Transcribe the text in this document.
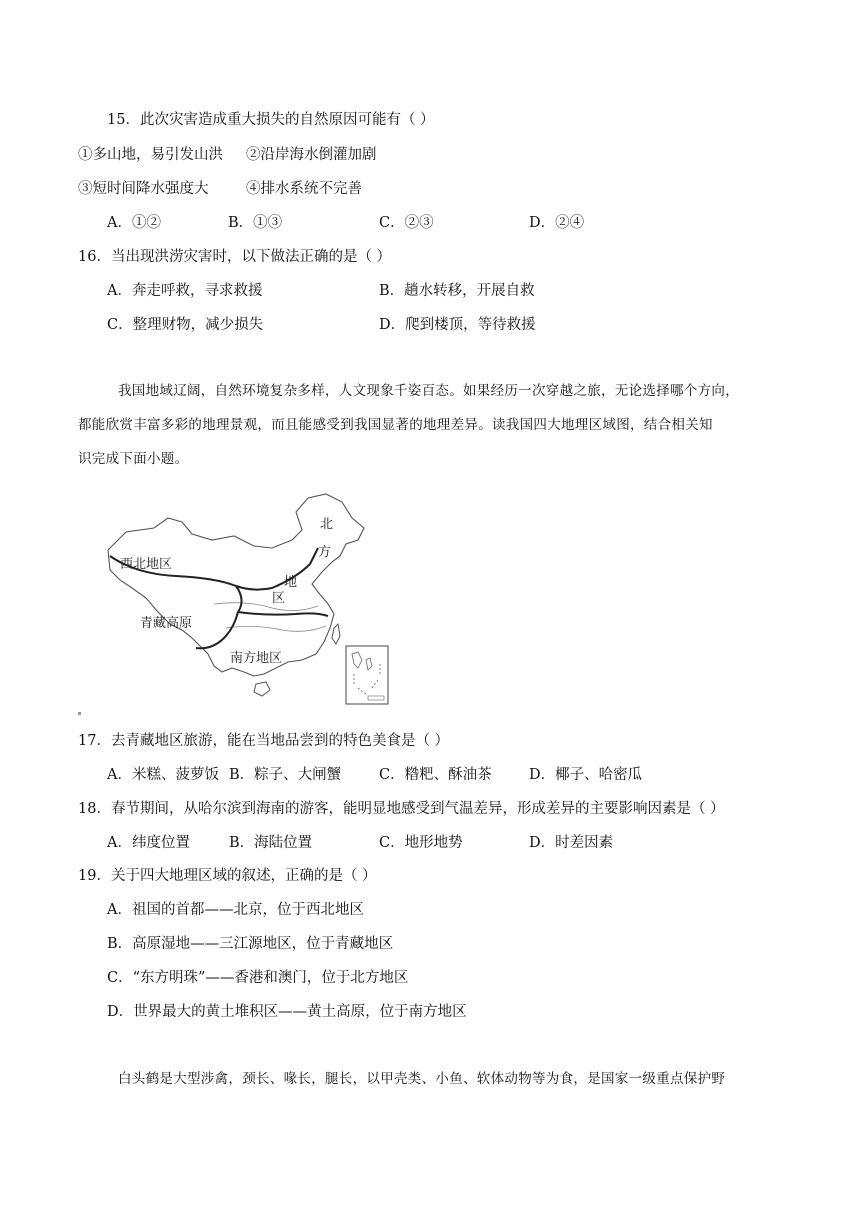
15．此次灾害造成重大损失的自然原因可能有（ ）
①多山地，易引发山洪 ②沿岸海水倒灌加剧
③短时间降水强度大	④排水系统不完善
A．①②	B．①③	C．②③	D．②④
16．当出现洪涝灾害时，以下做法正确的是（ ）
A．奔走呼救，寻求救援	B．趟水转移，开展自救
C．整理财物，减少损失	D．爬到楼顶，等待救援
我国地域辽阔，自然环境复杂多样，人文现象千姿百态。如果经历一次穿越之旅，无论选择哪个方向，
都能欣赏丰富多彩的地理景观，而且能感受到我国显著的地理差异。读我国四大地理区域图，结合相关知
识完成下面小题。
西北地区
青藏高原
南方地区
北
方
地
区
17．去青藏地区旅游，能在当地品尝到的特色美食是（ ）
A．米糕、菠萝饭 B．粽子、大闸蟹	C．糌粑、酥油茶	D．椰子、哈密瓜
18．春节期间，从哈尔滨到海南的游客，能明显地感受到气温差异，形成差异的主要影响因素是（ ）
A．纬度位置	B．海陆位置	C．地形地势	D．时差因素
19．关于四大地理区域的叙述，正确的是（ ）
A．祖国的首都——北京，位于西北地区
B．高原湿地——三江源地区，位于青藏地区
C．“东方明珠”——香港和澳门，位于北方地区
D．世界最大的黄土堆积区——黄土高原，位于南方地区
白头鹤是大型涉禽，颈长、喙长，腿长，以甲壳类、小鱼、软体动物等为食，是国家一级重点保护野
